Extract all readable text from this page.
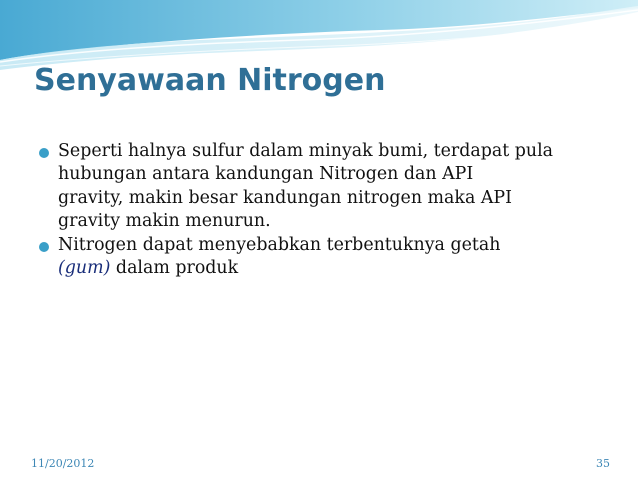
Senyawaan Nitrogen
Seperti halnya sulfur dalam minyak bumi, terdapat pula
hubungan antara kandungan Nitrogen dan API
gravity, makin besar kandungan nitrogen maka API
gravity makin menurun.
Nitrogen dapat menyebabkan terbentuknya getah
(gum) dalam produk
11/20/2012	35
